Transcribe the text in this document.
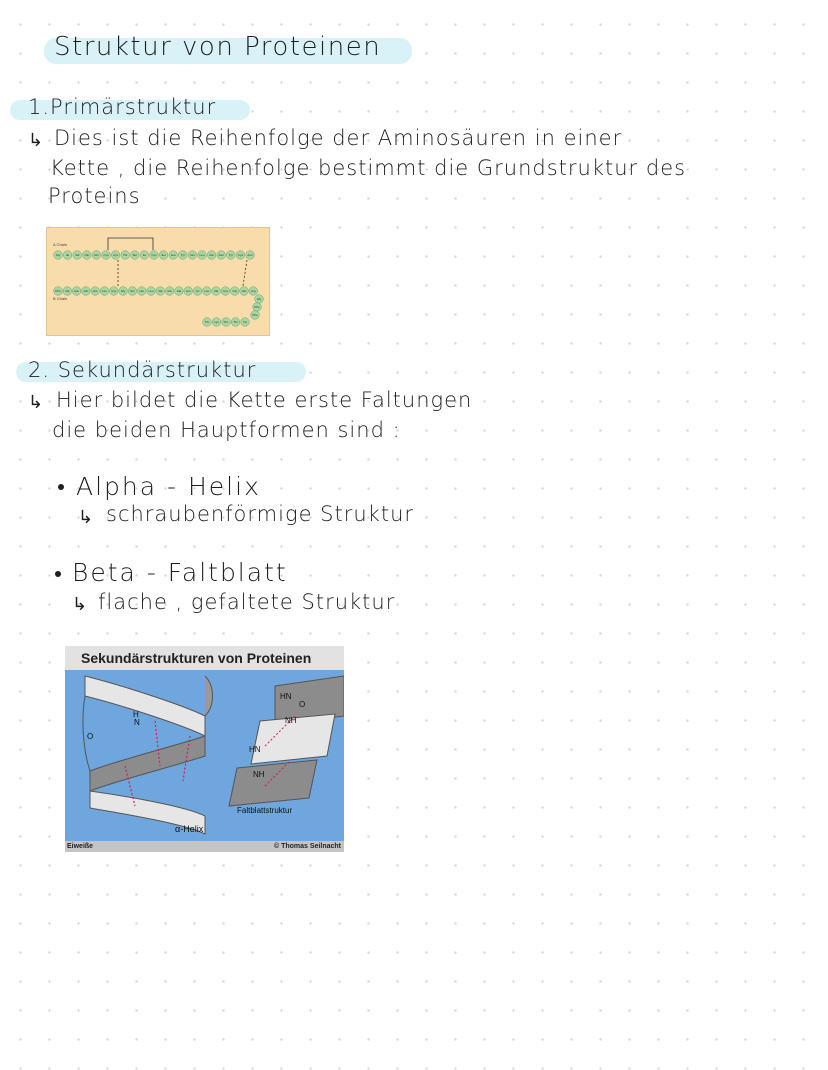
Struktur von Proteinen
1.Primärstruktur
↳ Dies ist die Reihenfolge der Aminosäuren in einer
Kette , die Reihenfolge bestimmt die Grundstruktur des
Proteins
A Chain
B Chain
Gly Ile Val Glu Gln Cys Cys Thr Ser Ile Cys Ser Leu Tyr Gln Leu Glu Asn Tyr Cys Asn
Phe Val Asn Gln His Leu Cys Gly Ser His Leu Val Glu Ala Leu Tyr Leu Val Cys Gly Glu Arg
Gly
Phe
Phe
Tyr
Thr
Pro
Lys
Thr
2. Sekundärstruktur
↳ Hier bildet die Kette erste Faltungen
die beiden Hauptformen sind :
Alpha - Helix
↳ schraubenförmige Struktur
Beta - Faltblatt
↳ flache , gefaltete Struktur
Sekundärstrukturen von Proteinen
H
N
O
NH
HN
O
HN
NH
α-Helix
Faltblattstruktur
Eiweiße	© Thomas Seilnacht
